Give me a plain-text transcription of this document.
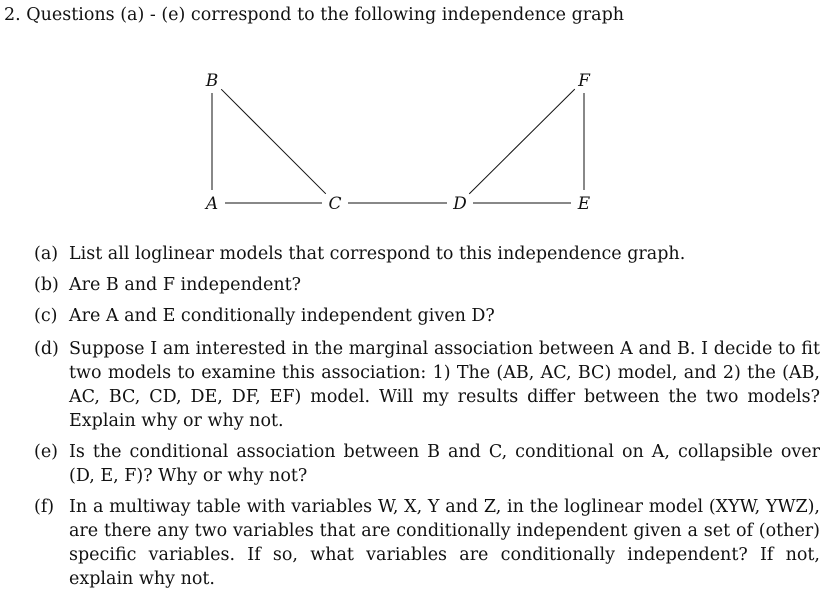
2. Questions (a) - (e) correspond to the following independence graph
B	F
A	C	D	E
(a) List all loglinear models that correspond to this independence graph.
(b) Are B and F independent?
(c) Are A and E conditionally independent given D?
(d) Suppose I am interested in the marginal association between A and B. I decide to fit two models to examine this association: 1) The (AB, AC, BC) model, and 2) the (AB, AC, BC, CD, DE, DF, EF) model. Will my results differ between the two models? Explain why or why not.
(e) Is the conditional association between B and C, conditional on A, collapsible over (D, E, F)? Why or why not?
(f) In a multiway table with variables W, X, Y and Z, in the loglinear model (XYW, YWZ), are there any two variables that are conditionally independent given a set of (other) specific variables. If so, what variables are conditionally independent? If not, explain why not.
